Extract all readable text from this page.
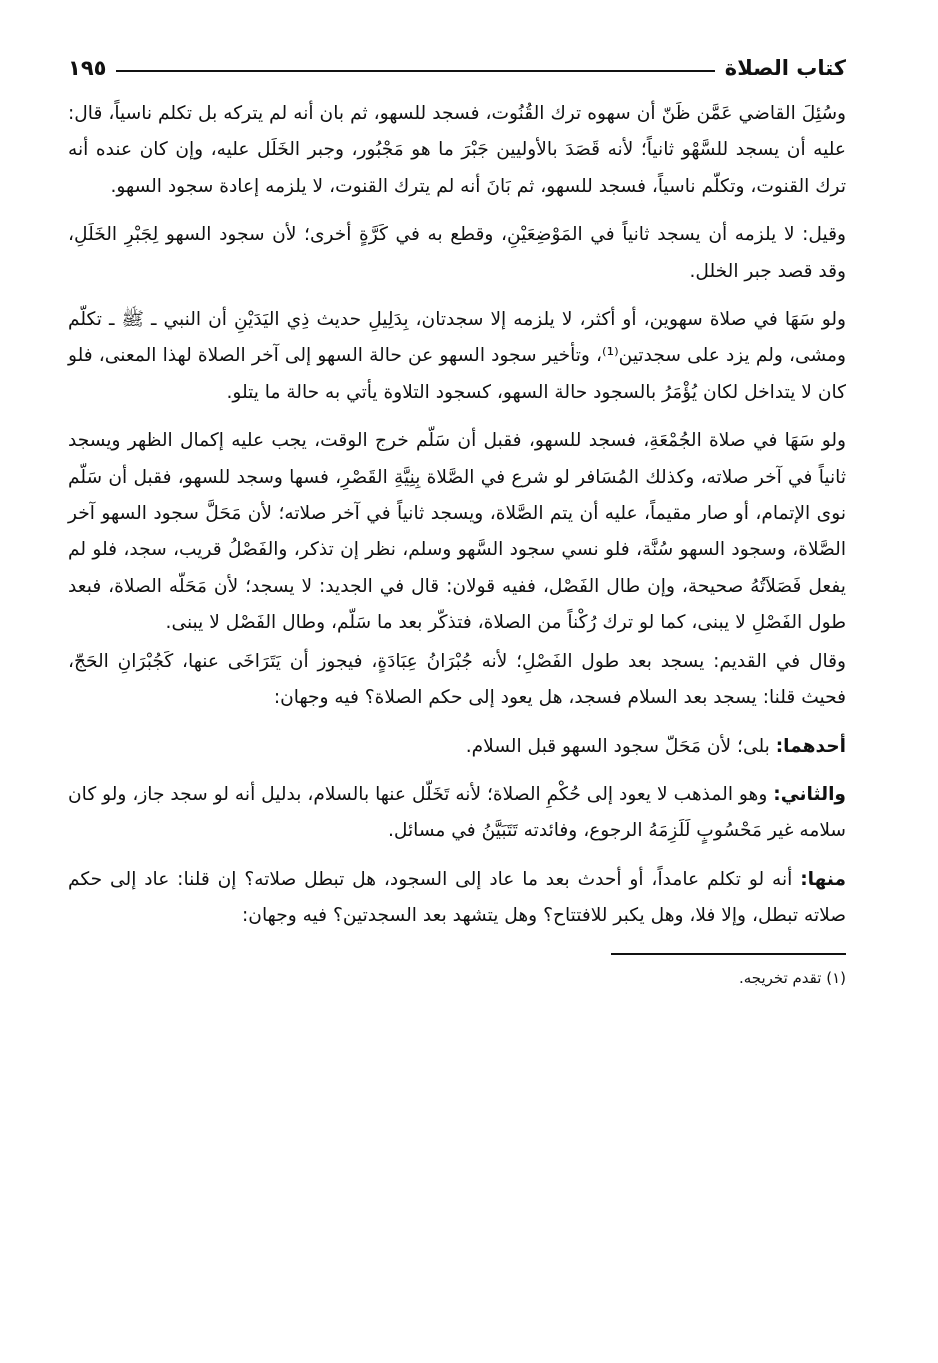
كتاب الصلاة
١٩٥

وسُئِلَ القاضي عَمَّن ظَنّ أن سهوه ترك القُنُوت، فسجد للسهو، ثم بان أنه لم يتركه بل تكلم ناسياً، قال: عليه أن يسجد للسَّهْو ثانياً؛ لأنه قَصَدَ بالأوليين جَبْرَ ما هو مَجْبُور، وجبر الخَلَل عليه، وإن كان عنده أنه ترك القنوت، وتكلّم ناسياً، فسجد للسهو، ثم بَانَ أنه لم يترك القنوت، لا يلزمه إعادة سجود السهو.

وقيل: لا يلزمه أن يسجد ثانياً في المَوْضِعَيْنِ، وقطع به في كَرَّةٍ أخرى؛ لأن سجود السهو لِجَبْرِ الخَلَلِ، وقد قصد جبر الخلل.

ولو سَهَا في صلاة سهوين، أو أكثر، لا يلزمه إلا سجدتان، بِدَلِيلِ حديث ذِي اليَدَيْنِ أن النبي ـ ﷺ ـ تكلّم ومشى، ولم يزد على سجدتين⁽¹⁾، وتأخير سجود السهو عن حالة السهو إلى آخر الصلاة لهذا المعنى، فلو كان لا يتداخل لكان يُؤْمَرُ بالسجود حالة السهو، كسجود التلاوة يأتي به حالة ما يتلو.

ولو سَهَا في صلاة الجُمْعَةِ، فسجد للسهو، فقبل أن سَلّم خرج الوقت، يجب عليه إكمال الظهر ويسجد ثانياً في آخر صلاته، وكذلك المُسَافر لو شرع في الصَّلاة بِنِيَّةِ القَصْرِ، فسها وسجد للسهو، فقبل أن سَلّم نوى الإتمام، أو صار مقيماً، عليه أن يتم الصَّلاة، ويسجد ثانياً في آخر صلاته؛ لأن مَحَلَّ سجود السهو آخر الصَّلاة، وسجود السهو سُنَّة، فلو نسي سجود السَّهو وسلم، نظر إن تذكر، والفَصْلُ قريب، سجد، فلو لم يفعل فَصَلاَتُهُ صحيحة، وإن طال الفَصْل، ففيه قولان: قال في الجديد: لا يسجد؛ لأن مَحَلّه الصلاة، فبعد طول الفَصْلِ لا يبنى، كما لو ترك رُكْناً من الصلاة، فتذكّر بعد ما سَلّم، وطال الفَصْل لا يبنى.

وقال في القديم: يسجد بعد طول الفَصْلِ؛ لأنه جُبْرَانُ عِبَادَةٍ، فيجوز أن يَتَرَاخَى عنها، كَجُبْرَانِ الحَجّ، فحيث قلنا: يسجد بعد السلام فسجد، هل يعود إلى حكم الصلاة؟ فيه وجهان:

أحدهما: بلى؛ لأن مَحَلّ سجود السهو قبل السلام.

والثاني: وهو المذهب لا يعود إلى حُكْمِ الصلاة؛ لأنه تَخَلّل عنها بالسلام، بدليل أنه لو سجد جاز، ولو كان سلامه غير مَحْسُوبٍ لَلَزِمَهُ الرجوع، وفائدته تَتَبَيَّنُ في مسائل.

منها: أنه لو تكلم عامداً، أو أحدث بعد ما عاد إلى السجود، هل تبطل صلاته؟ إن قلنا: عاد إلى حكم صلاته تبطل، وإلا فلا، وهل يكبر للافتتاح؟ وهل يتشهد بعد السجدتين؟ فيه وجهان:

(١) تقدم تخريجه.
